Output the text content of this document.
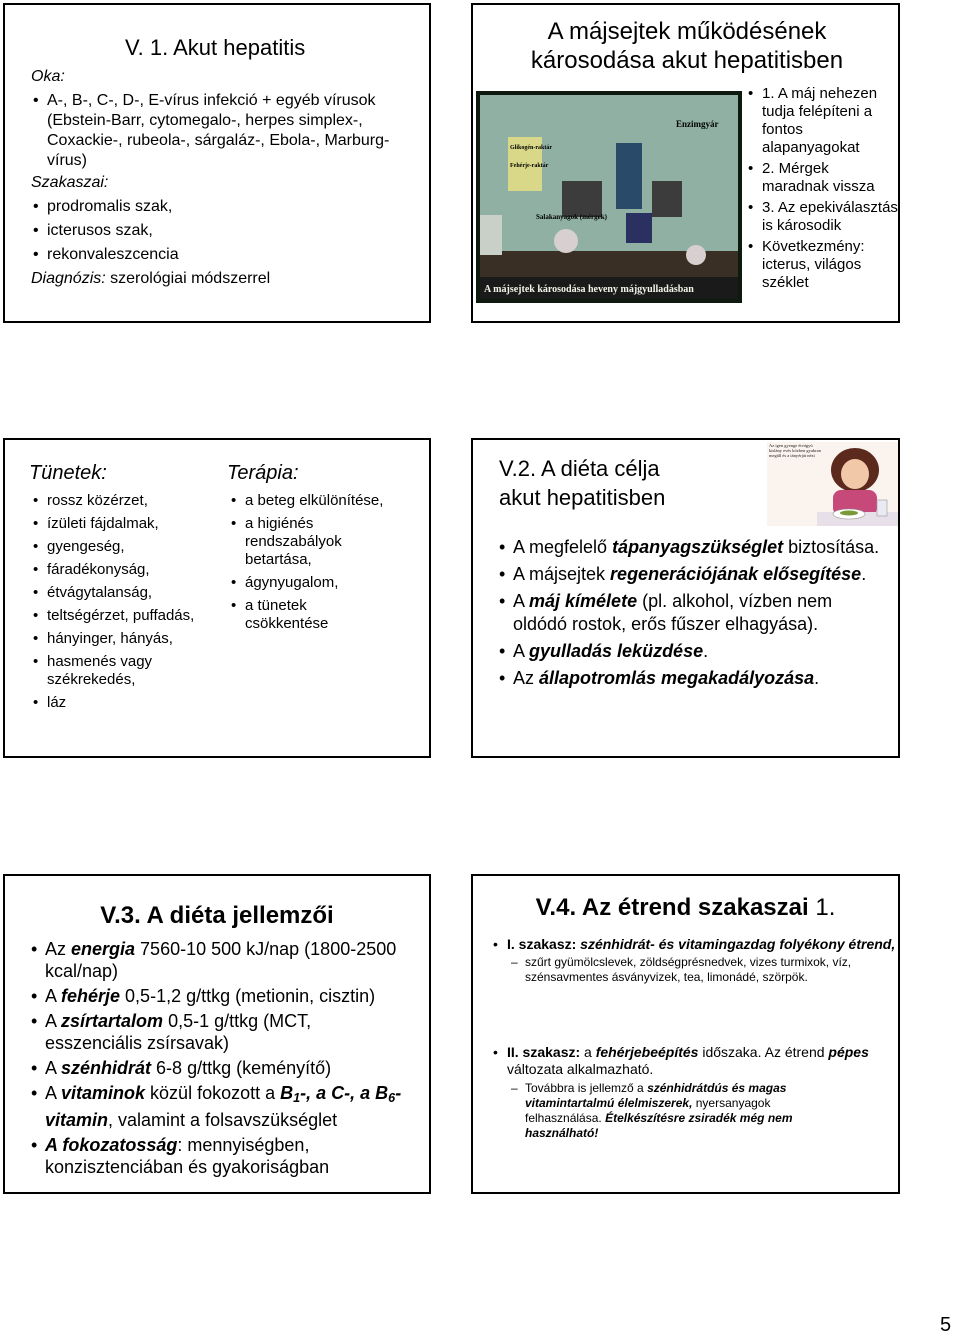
V. 1. Akut hepatitis
Oka:
• A-, B-, C-, D-, E-vírus infekció + egyéb vírusok (Ebstein-Barr, cytomegalo-, herpes simplex-, Coxackie-, rubeola-, sárgaláz-, Ebola-, Marburg-vírus)
Szakaszai:
• prodromalis szak,
• icterusos szak,
• rekonvaleszcencia
Diagnózis: szerológiai módszerrel
A májsejtek működésének károsodása akut hepatitisben
Glikogén-raktár
Fehérje-raktár
Enzimgyár
Salakanyagok (mérgek)
A májsejtek károsodása heveny májgyulladásban
• 1. A máj nehezen tudja felépíteni a fontos alapanyagokat
• 2. Mérgek maradnak vissza
• 3. Az epekiválasztás is károsodik
• Következmény: icterus, világos széklet
Tünetek:
• rossz közérzet,
• ízületi fájdalmak,
• gyengeség,
• fáradékonyság,
• étvágytalanság,
• teltségérzet, puffadás,
• hányinger, hányás,
• hasmenés vagy székrekedés,
• láz
Terápia:
• a beteg elkülönítése,
• a higiénés rendszabályok betartása,
• ágynyugalom,
• a tünetek csökkentése
V.2. A diéta célja
akut hepatitisben
Az igen gyenge étvágyú kislány evés közben gyakran megáll és a tányérját nézi
• A megfelelő tápanyagszükséglet biztosítása.
• A májsejtek regenerációjának elősegítése.
• A máj kímélete (pl. alkohol, vízben nem oldódó rostok, erős fűszer elhagyása).
• A gyulladás leküzdése.
• Az állapotromlás megakadályozása.
V.3. A diéta jellemzői
• Az energia 7560-10 500 kJ/nap (1800-2500 kcal/nap)
• A fehérje 0,5-1,2 g/ttkg (metionin, cisztin)
• A zsírtartalom 0,5-1 g/ttkg (MCT, esszenciális zsírsavak)
• A szénhidrát 6-8 g/ttkg (keményítő)
• A vitaminok közül fokozott a $B_1-$, a C-, a $B_6$-vitamin, valamint a folsavszükséglet
• A fokozatosság: mennyiségben, konzisztenciában és gyakoriságban
V.4. Az étrend szakaszai 1.
• I. szakasz: szénhidrát- és vitamingazdag folyékony étrend,
– szűrt gyümölcslevek, zöldségprésnedvek, vizes turmixok, víz, szénsavmentes ásványvizek, tea, limonádé, szörpök.
• II. szakasz: a fehérjebeépítés időszaka. Az étrend pépes változata alkalmazható.
– Továbbra is jellemző a szénhidrátdús és magas vitamintartalmú élelmiszerek, nyersanyagok felhasználása. Ételkészítésre zsiradék még nem használható!
5
